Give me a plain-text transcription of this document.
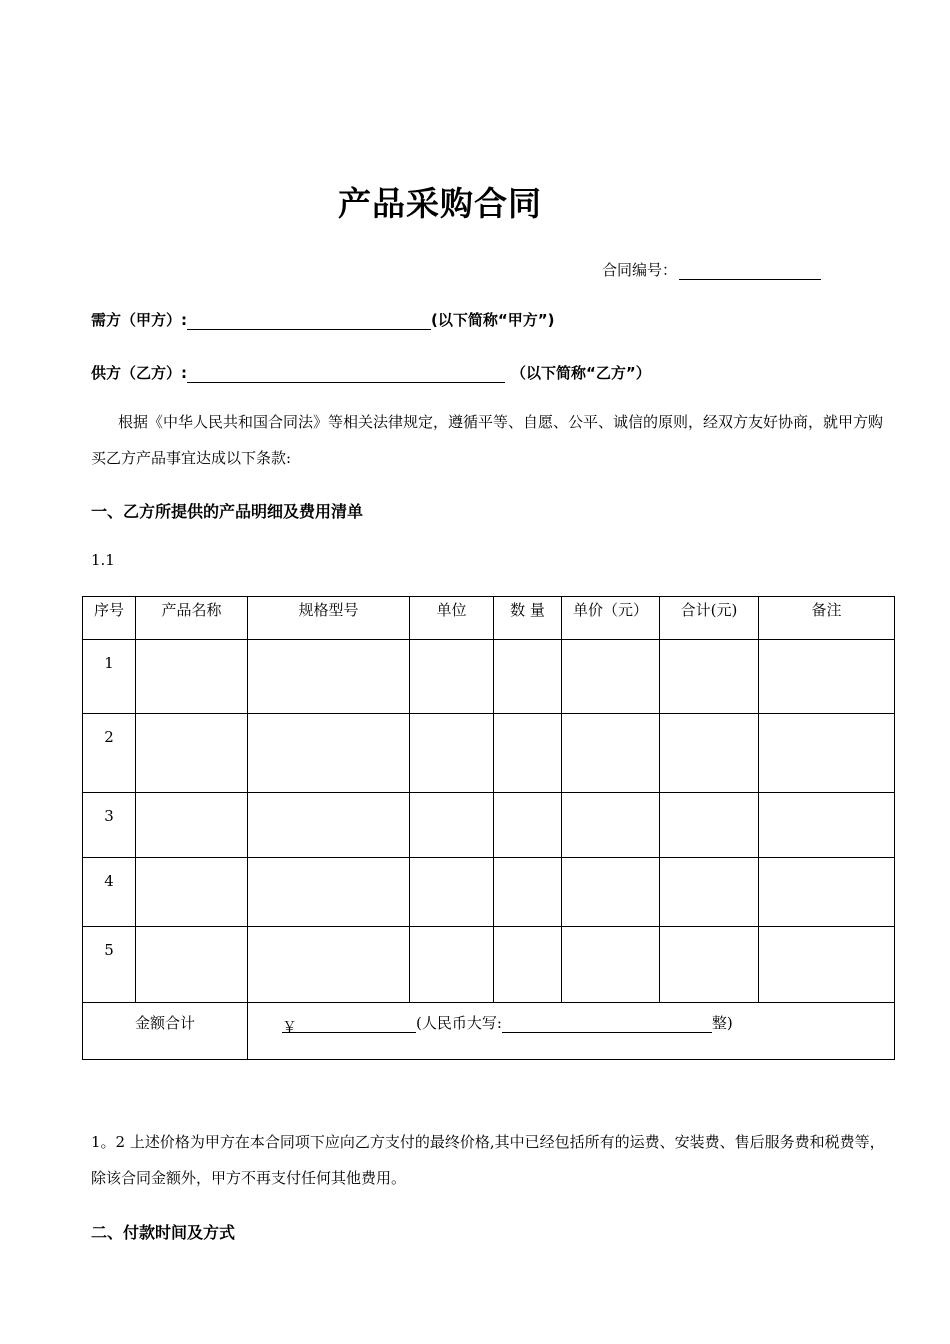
产品采购合同
合同编号：
需方（甲方）:	(以下简称“甲方”)
供方（乙方）:	（以下简称“乙方”）
根据《中华人民共和国合同法》等相关法律规定，遵循平等、自愿、公平、诚信的原则，经双方友好协商，就甲方购买乙方产品事宜达成以下条款:
一、乙方所提供的产品明细及费用清单
1.1
序号	产品名称	规格型号	单位	数 量	单价（元）	合计(元)	备注
1							
2							
3							
4							
5							
金额合计		￥ (人民币大写: 整)					
1。2 上述价格为甲方在本合同项下应向乙方支付的最终价格,其中已经包括所有的运费、安装费、售后服务费和税费等，除该合同金额外，甲方不再支付任何其他费用。
二、付款时间及方式
